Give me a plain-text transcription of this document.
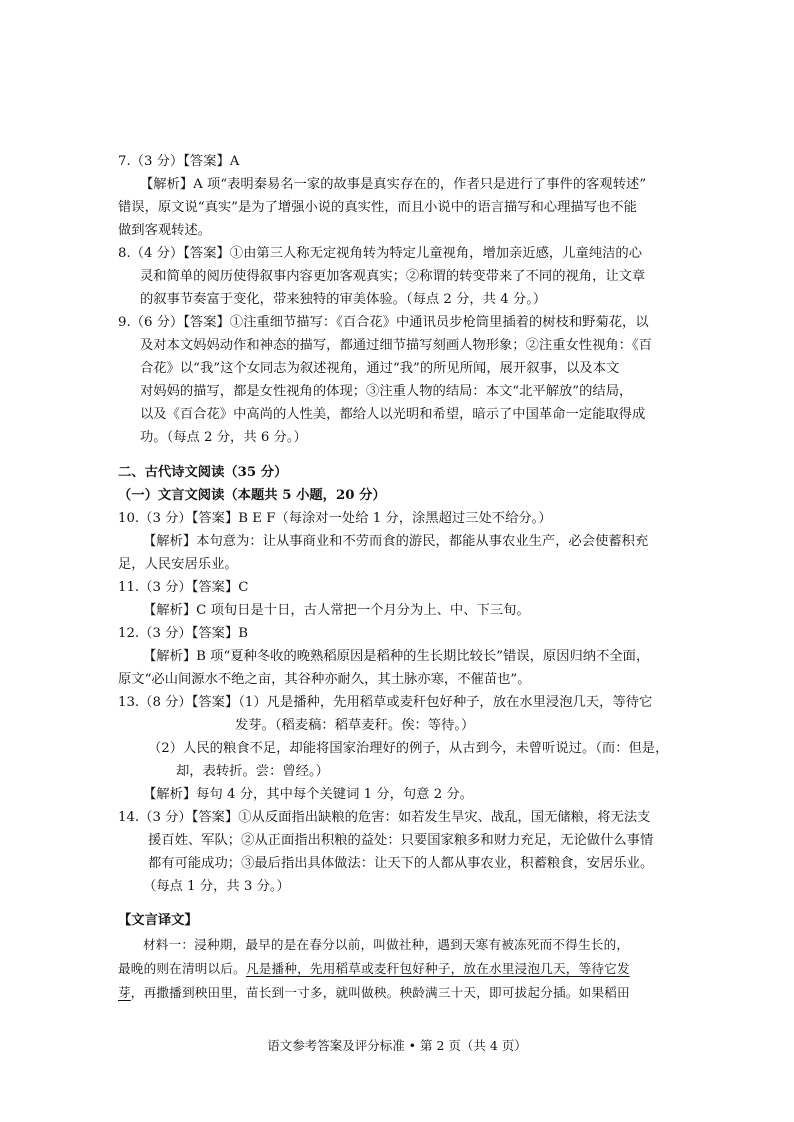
7.（3 分）【答案】A
【解析】A 项“表明秦易名一家的故事是真实存在的，作者只是进行了事件的客观转述”
错误，原文说“真实”是为了增强小说的真实性，而且小说中的语言描写和心理描写也不能
做到客观转述。
8.（4 分）【答案】①由第三人称无定视角转为特定儿童视角，增加亲近感，儿童纯洁的心
灵和简单的阅历使得叙事内容更加客观真实；②称谓的转变带来了不同的视角，让文章
的叙事节奏富于变化，带来独特的审美体验。（每点 2 分，共 4 分。）
9.（6 分）【答案】①注重细节描写：《百合花》中通讯员步枪筒里插着的树枝和野菊花，以
及对本文妈妈动作和神态的描写，都通过细节描写刻画人物形象；②注重女性视角：《百
合花》以“我”这个女同志为叙述视角，通过“我”的所见所闻，展开叙事，以及本文
对妈妈的描写，都是女性视角的体现；③注重人物的结局：本文“北平解放”的结局，
以及《百合花》中高尚的人性美，都给人以光明和希望，暗示了中国革命一定能取得成
功。（每点 2 分，共 6 分。）
二、古代诗文阅读（35 分）
（一）文言文阅读（本题共 5 小题，20 分）
10.（3 分）【答案】B E F（每涂对一处给 1 分，涂黑超过三处不给分。）
【解析】本句意为：让从事商业和不劳而食的游民，都能从事农业生产，必会使蓄积充
足，人民安居乐业。
11.（3 分）【答案】C
【解析】C 项旬日是十日，古人常把一个月分为上、中、下三旬。
12.（3 分）【答案】B
【解析】B 项“夏种冬收的晚熟稻原因是稻种的生长期比较长”错误，原因归纳不全面，
原文“必山间源水不绝之亩，其谷种亦耐久，其土脉亦寒，不催苗也”。
13.（8 分）【答案】（1）凡是播种，先用稻草或麦秆包好种子，放在水里浸泡几天，等待它
发芽。（稻麦稿：稻草麦秆。俟：等待。）
（2）人民的粮食不足，却能将国家治理好的例子，从古到今，未曾听说过。（而：但是，
却，表转折。尝：曾经。）
【解析】每句 4 分，其中每个关键词 1 分，句意 2 分。
14.（3 分）【答案】①从反面指出缺粮的危害：如若发生旱灾、战乱，国无储粮，将无法支
援百姓、军队；②从正面指出积粮的益处：只要国家粮多和财力充足，无论做什么事情
都有可能成功；③最后指出具体做法：让天下的人都从事农业，积蓄粮食，安居乐业。
（每点 1 分，共 3 分。）
【文言译文】
材料一：浸种期，最早的是在春分以前，叫做社种，遇到天寒有被冻死而不得生长的，
最晚的则在清明以后。凡是播种，先用稻草或麦秆包好种子，放在水里浸泡几天，等待它发
芽，再撒播到秧田里，苗长到一寸多，就叫做秧。秧龄满三十天，即可拔起分插。如果稻田
语文参考答案及评分标准 • 第 2 页（共 4 页）
